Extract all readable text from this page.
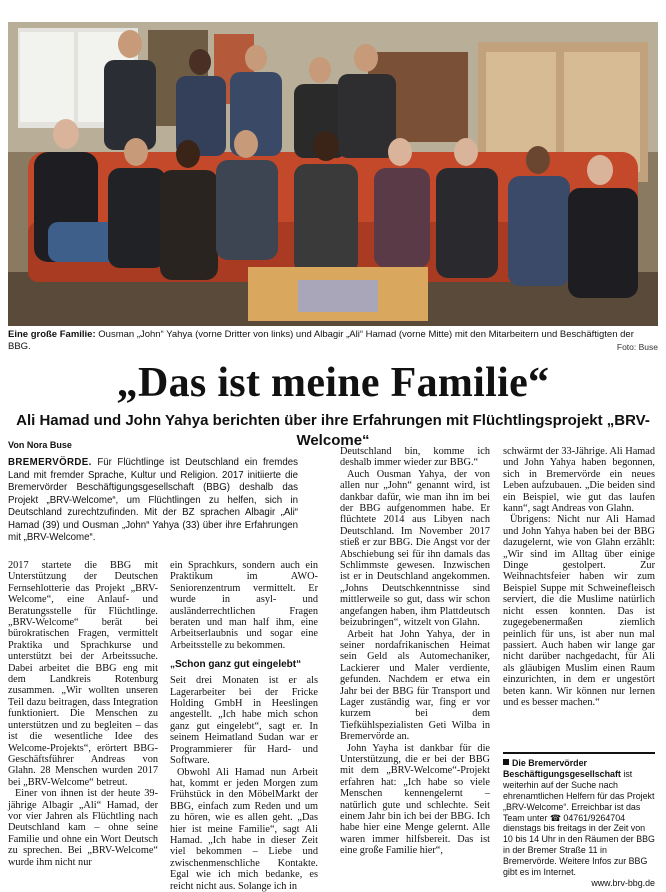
Eine große Familie: Ousman „John“ Yahya (vorne Dritter von links) und Albagir „Ali“ Hamad (vorne Mitte) mit den Mitarbeitern und Beschäftigten der BBG.	Foto: Buse
„Das ist meine Familie“
Ali Hamad und John Yahya berichten über ihre Erfahrungen mit Flüchtlingsprojekt „BRV-Welcome“
Von Nora Buse
BREMERVÖRDE. Für Flüchtlinge ist Deutschland ein fremdes Land mit fremder Sprache, Kultur und Religion. 2017 initiierte die Bremervörder Beschäftigungsgesellschaft (BBG) deshalb das Projekt „BRV-Welcome“, um Flüchtlingen zu helfen, sich in Deutschland zurechtzufinden. Mit der BZ sprachen Albagir „Ali“ Hamad (39) und Ousman „John“ Yahya (33) über ihre Erfahrungen mit „BRV-Welcome“.

2017 startete die BBG mit Unterstützung der Deutschen Fernsehlotterie das Projekt „BRV-Welcome“, eine Anlauf- und Beratungsstelle für Flüchtlinge. „BRV-Welcome“ berät bei bürokratischen Fragen, vermittelt Praktika und Sprachkurse und unterstützt bei der Arbeitssuche. Dabei arbeitet die BBG eng mit dem Landkreis Rotenburg zusammen. „Wir wollten unseren Teil dazu beitragen, dass Integration funktioniert. Die Menschen zu unterstützen und zu begleiten – das ist die wesentliche Idee des Welcome-Projekts“, erörtert BBG-Geschäftsführer Andreas von Glahn. 28 Menschen wurden 2017 bei „BRV-Welcome“ betreut.

Einer von ihnen ist der heute 39-jährige Albagir „Ali“ Hamad, der vor vier Jahren als Flüchtling nach Deutschland kam – ohne seine Familie und ohne ein Wort Deutsch zu sprechen. Bei „BRV-Welcome“ wurde ihm nicht nur

ein Sprachkurs, sondern auch ein Praktikum im AWO-Seniorenzentrum vermittelt. Er wurde in asyl- und ausländerrechtlichen Fragen beraten und man half ihm, eine Arbeitserlaubnis und sogar eine Arbeitsstelle zu bekommen.

„Schon ganz gut eingelebt“

Seit drei Monaten ist er als Lagerarbeiter bei der Fricke Holding GmbH in Heeslingen angestellt. „Ich habe mich schon ganz gut eingelebt“, sagt er. In seinem Heimatland Sudan war er Programmierer für Hard- und Software.

Obwohl Ali Hamad nun Arbeit hat, kommt er jeden Morgen zum Frühstück in den MöbelMarkt der BBG, einfach zum Reden und um zu hören, wie es allen geht. „Das hier ist meine Familie“, sagt Ali Hamad. „Ich habe in dieser Zeit viel bekommen – Liebe und zwischenmenschliche Kontakte. Egal wie ich mich bedanke, es reicht nicht aus. Solange ich in

Deutschland bin, komme ich deshalb immer wieder zur BBG.“

Auch Ousman Yahya, der von allen nur „John“ genannt wird, ist dankbar dafür, wie man ihn im bei der BBG aufgenommen habe. Er flüchtete 2014 aus Libyen nach Deutschland. Im November 2017 stieß er zur BBG. Die Angst vor der Abschiebung sei für ihn damals das Schlimmste gewesen. Inzwischen ist er in Deutschland angekommen. „Johns Deutschkenntnisse sind mittlerweile so gut, dass wir schon angefangen haben, ihm Plattdeutsch beizubringen“, witzelt von Glahn.

Arbeit hat John Yahya, der in seiner nordafrikanischen Heimat sein Geld als Automechaniker, Lackierer und Maler verdiente, gefunden. Nachdem er etwa ein Jahr bei der BBG für Transport und Lager zuständig war, fing er vor kurzem bei dem Tiefkühlspezialisten Geti Wilba in Bremervörde an.

John Yayha ist dankbar für die Unterstützung, die er bei der BBG mit dem „BRV-Welcome“-Projekt erfahren hat: „Ich habe so viele Menschen kennengelernt – natürlich gute und schlechte. Seit einem Jahr bin ich bei der BBG. Ich habe hier eine Menge gelernt. Alle waren immer hilfsbereit. Das ist eine große Familie hier“,

schwärmt der 33-Jährige. Ali Hamad und John Yahya haben begonnen, sich in Bremervörde ein neues Leben aufzubauen. „Die beiden sind ein Beispiel, wie gut das laufen kann“, sagt Andreas von Glahn.

Übrigens: Nicht nur Ali Hamad und John Yahya haben bei der BBG dazugelernt, wie von Glahn erzählt: „Wir sind im Alltag über einige Dinge gestolpert. Zur Weihnachtsfeier haben wir zum Beispiel Suppe mit Schweinefleisch serviert, die die Muslime natürlich nicht essen konnten. Das ist zugegebenermaßen ziemlich peinlich für uns, ist aber nun mal passiert. Auch haben wir lange gar nicht darüber nachgedacht, für Ali als gläubigen Muslim einen Raum einzurichten, in dem er ungestört beten kann. Wir können nur lernen und es besser machen.“

Die Bremervörder Beschäftigungsgesellschaft ist weiterhin auf der Suche nach ehrenamtlichen Helfern für das Projekt „BRV-Welcome“. Erreichbar ist das Team unter ☎ 04761/9264704 dienstags bis freitags in der Zeit von 10 bis 14 Uhr in den Räumen der BBG in der Bremer Straße 11 in Bremervörde. Weitere Infos zur BBG gibt es im Internet.
www.brv-bbg.de
